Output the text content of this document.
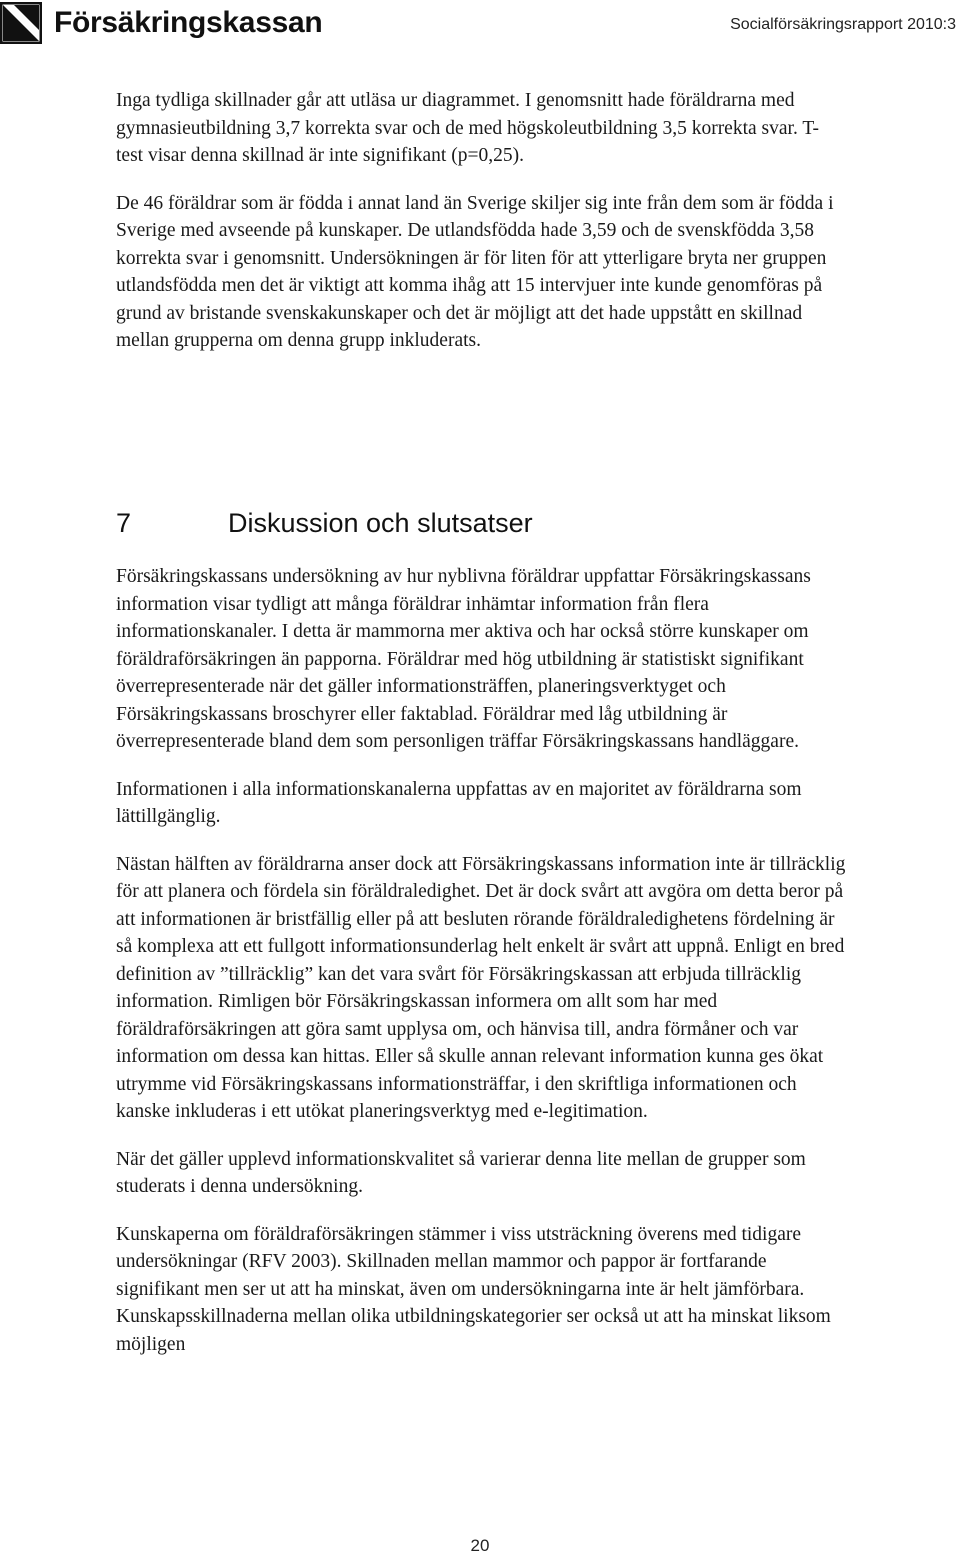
Försäkringskassan	Socialförsäkringsrapport 2010:3

Inga tydliga skillnader går att utläsa ur diagrammet. I genomsnitt hade föräldrarna med gymnasieutbildning 3,7 korrekta svar och de med högskoleutbildning 3,5 korrekta svar. T-test visar denna skillnad är inte signifikant (p=0,25).

De 46 föräldrar som är födda i annat land än Sverige skiljer sig inte från dem som är födda i Sverige med avseende på kunskaper. De utlandsfödda hade 3,59 och de svenskfödda 3,58 korrekta svar i genomsnitt. Undersökningen är för liten för att ytterligare bryta ner gruppen utlandsfödda men det är viktigt att komma ihåg att 15 intervjuer inte kunde genomföras på grund av bristande svenskakunskaper och det är möjligt att det hade uppstått en skillnad mellan grupperna om denna grupp inkluderats.

7	Diskussion och slutsatser

Försäkringskassans undersökning av hur nyblivna föräldrar uppfattar Försäkringskassans information visar tydligt att många föräldrar inhämtar information från flera informationskanaler. I detta är mammorna mer aktiva och har också större kunskaper om föräldraförsäkringen än papporna. Föräldrar med hög utbildning är statistiskt signifikant överrepresenterade när det gäller informationsträffen, planeringsverktyget och Försäkringskassans broschyrer eller faktablad. Föräldrar med låg utbildning är överrepresenterade bland dem som personligen träffar Försäkringskassans handläggare.

Informationen i alla informationskanalerna uppfattas av en majoritet av föräldrarna som lättillgänglig.

Nästan hälften av föräldrarna anser dock att Försäkringskassans information inte är tillräcklig för att planera och fördela sin föräldraledighet. Det är dock svårt att avgöra om detta beror på att informationen är bristfällig eller på att besluten rörande föräldraledighetens fördelning är så komplexa att ett fullgott informationsunderlag helt enkelt är svårt att uppnå. Enligt en bred definition av ”tillräcklig” kan det vara svårt för Försäkringskassan att erbjuda tillräcklig information. Rimligen bör Försäkringskassan informera om allt som har med föräldraförsäkringen att göra samt upplysa om, och hänvisa till, andra förmåner och var information om dessa kan hittas. Eller så skulle annan relevant information kunna ges ökat utrymme vid Försäkringskassans informationsträffar, i den skriftliga informationen och kanske inkluderas i ett utökat planeringsverktyg med e-legitimation.

När det gäller upplevd informationskvalitet så varierar denna lite mellan de grupper som studerats i denna undersökning.

Kunskaperna om föräldraförsäkringen stämmer i viss utsträckning överens med tidigare undersökningar (RFV 2003). Skillnaden mellan mammor och pappor är fortfarande signifikant men ser ut att ha minskat, även om undersökningarna inte är helt jämförbara. Kunskapsskillnaderna mellan olika utbildningskategorier ser också ut att ha minskat liksom möjligen

20
